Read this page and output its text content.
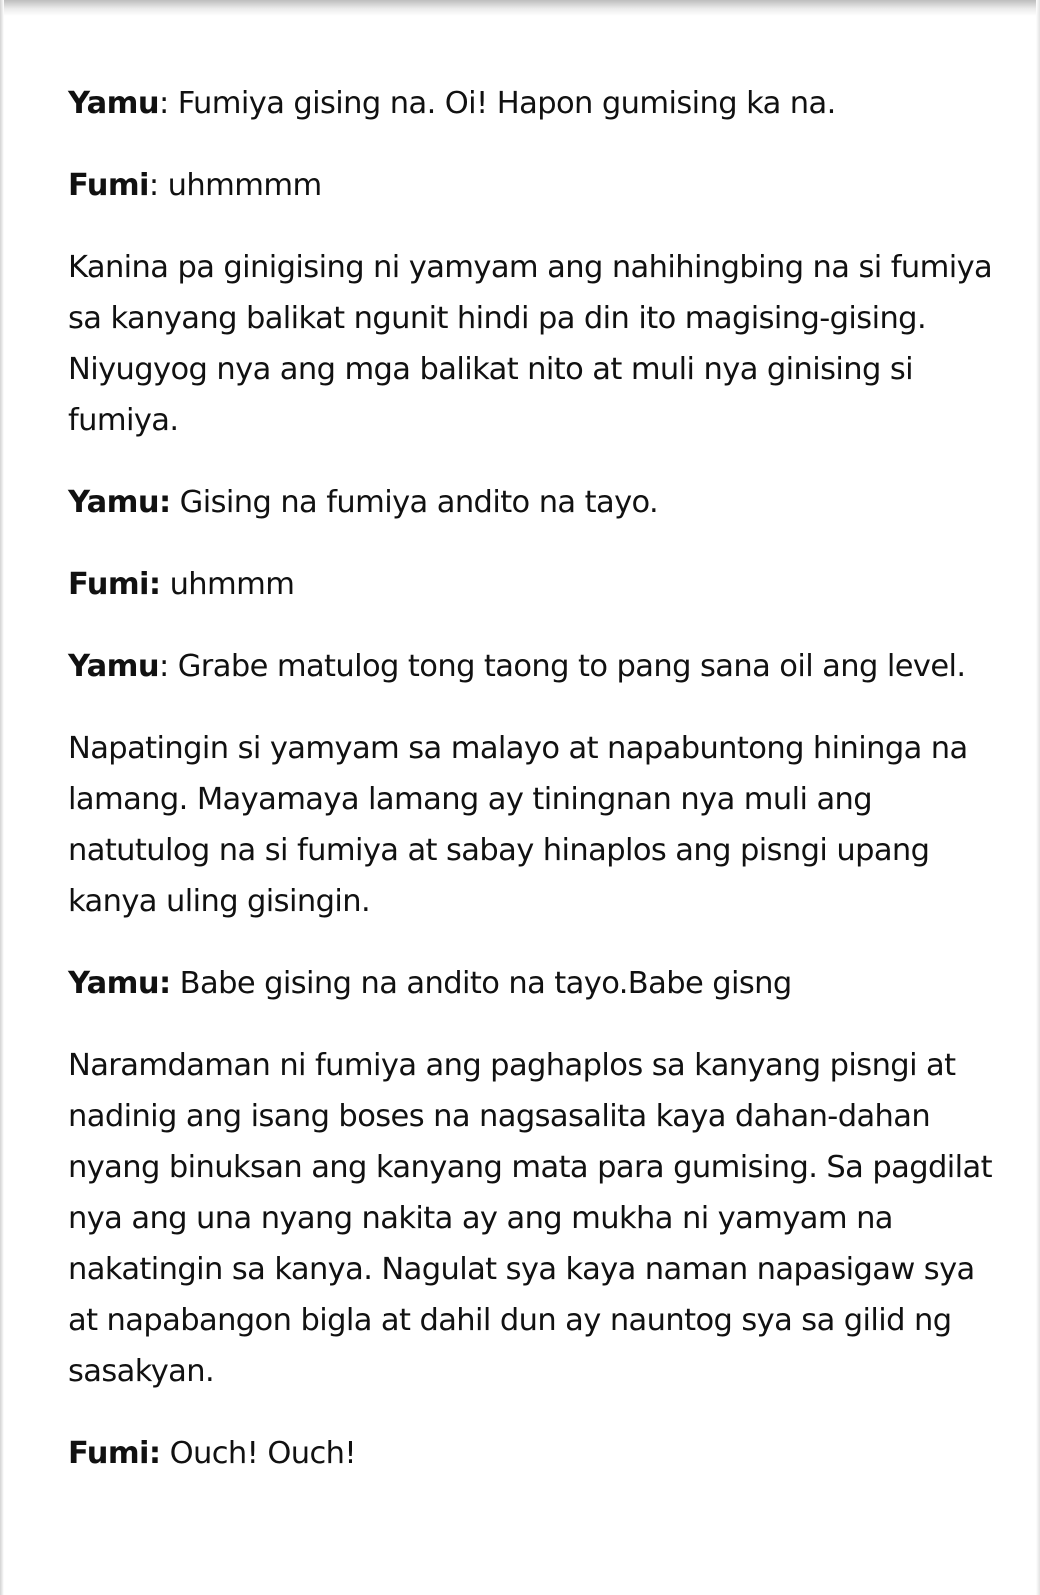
Yamu: Fumiya gising na. Oi! Hapon gumising ka na.

Fumi: uhmmmm

Kanina pa ginigising ni yamyam ang nahihingbing na si fumiya sa kanyang balikat ngunit hindi pa din ito magising-gising. Niyugyog nya ang mga balikat nito at muli nya ginising si fumiya.

Yamu: Gising na fumiya andito na tayo.

Fumi: uhmmm

Yamu: Grabe matulog tong taong to pang sana oil ang level.

Napatingin si yamyam sa malayo at napabuntong hininga na lamang. Mayamaya lamang ay tiningnan nya muli ang natutulog na si fumiya at sabay hinaplos ang pisngi upang kanya uling gisingin.

Yamu: Babe gising na andito na tayo.Babe gisng

Naramdaman ni fumiya ang paghaplos sa kanyang pisngi at  nadinig ang isang boses na nagsasalita kaya dahan-dahan nyang binuksan ang kanyang mata para gumising. Sa pagdilat nya ang una nyang nakita ay ang mukha ni yamyam na nakatingin sa kanya. Nagulat sya kaya naman napasigaw sya at napabangon bigla at dahil dun ay nauntog sya sa gilid ng sasakyan.

Fumi: Ouch! Ouch!
